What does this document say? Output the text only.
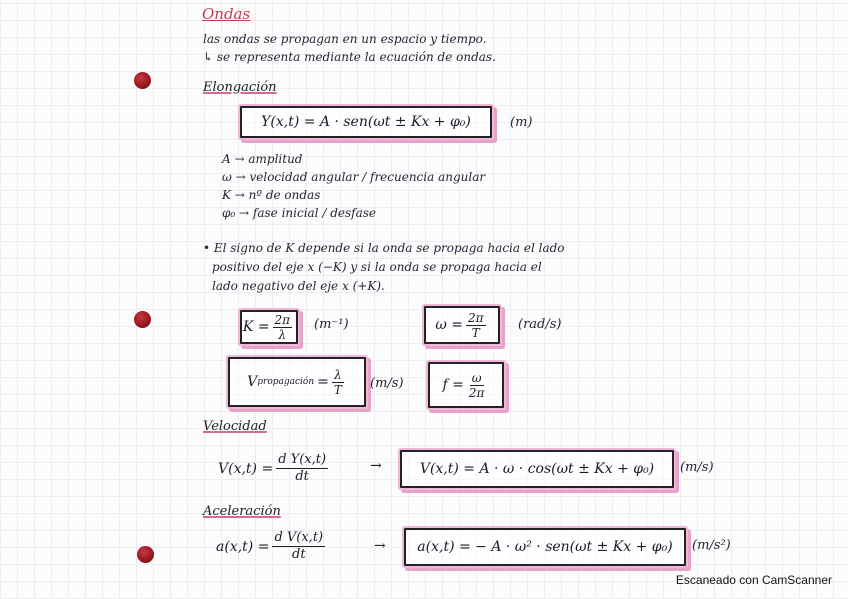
Ondas
las ondas se propagan en un espacio y tiempo.
↳ se representa mediante la ecuación de ondas.
Elongación
Y(x,t) = A · sen(ωt ± Kx + φ₀)	(m)
A → amplitud
ω → velocidad angular / frecuencia angular
K → nº de ondas
φ₀ → fase inicial / desfase
• El signo de K depende si la onda se propaga hacia el lado
positivo del eje x (−K) y si la onda se propaga hacia el
lado negativo del eje x (+K).
$K = \frac{2\pi}{\lambda} (m^{-1})$	$\omega = \frac{2\pi}{T} (rad/s)$
V propagación = $\frac{\lambda}{T} (m/s)$	$f = \frac{\omega}{2\pi}$
Velocidad
$V(x,t) = \frac{\text{d Y(x,t)}}{dt}$	→	V(x,t) = A · ω · cos(ωt ± Kx + φ₀) (m/s)
Aceleración
$a(x,t) = \frac{\text{d V(x,t)}}{dt}$	→ a(x,t) = − A · ω² · sen(ωt ± Kx + φ₀) (m/s²)
Escaneado con CamScanner
